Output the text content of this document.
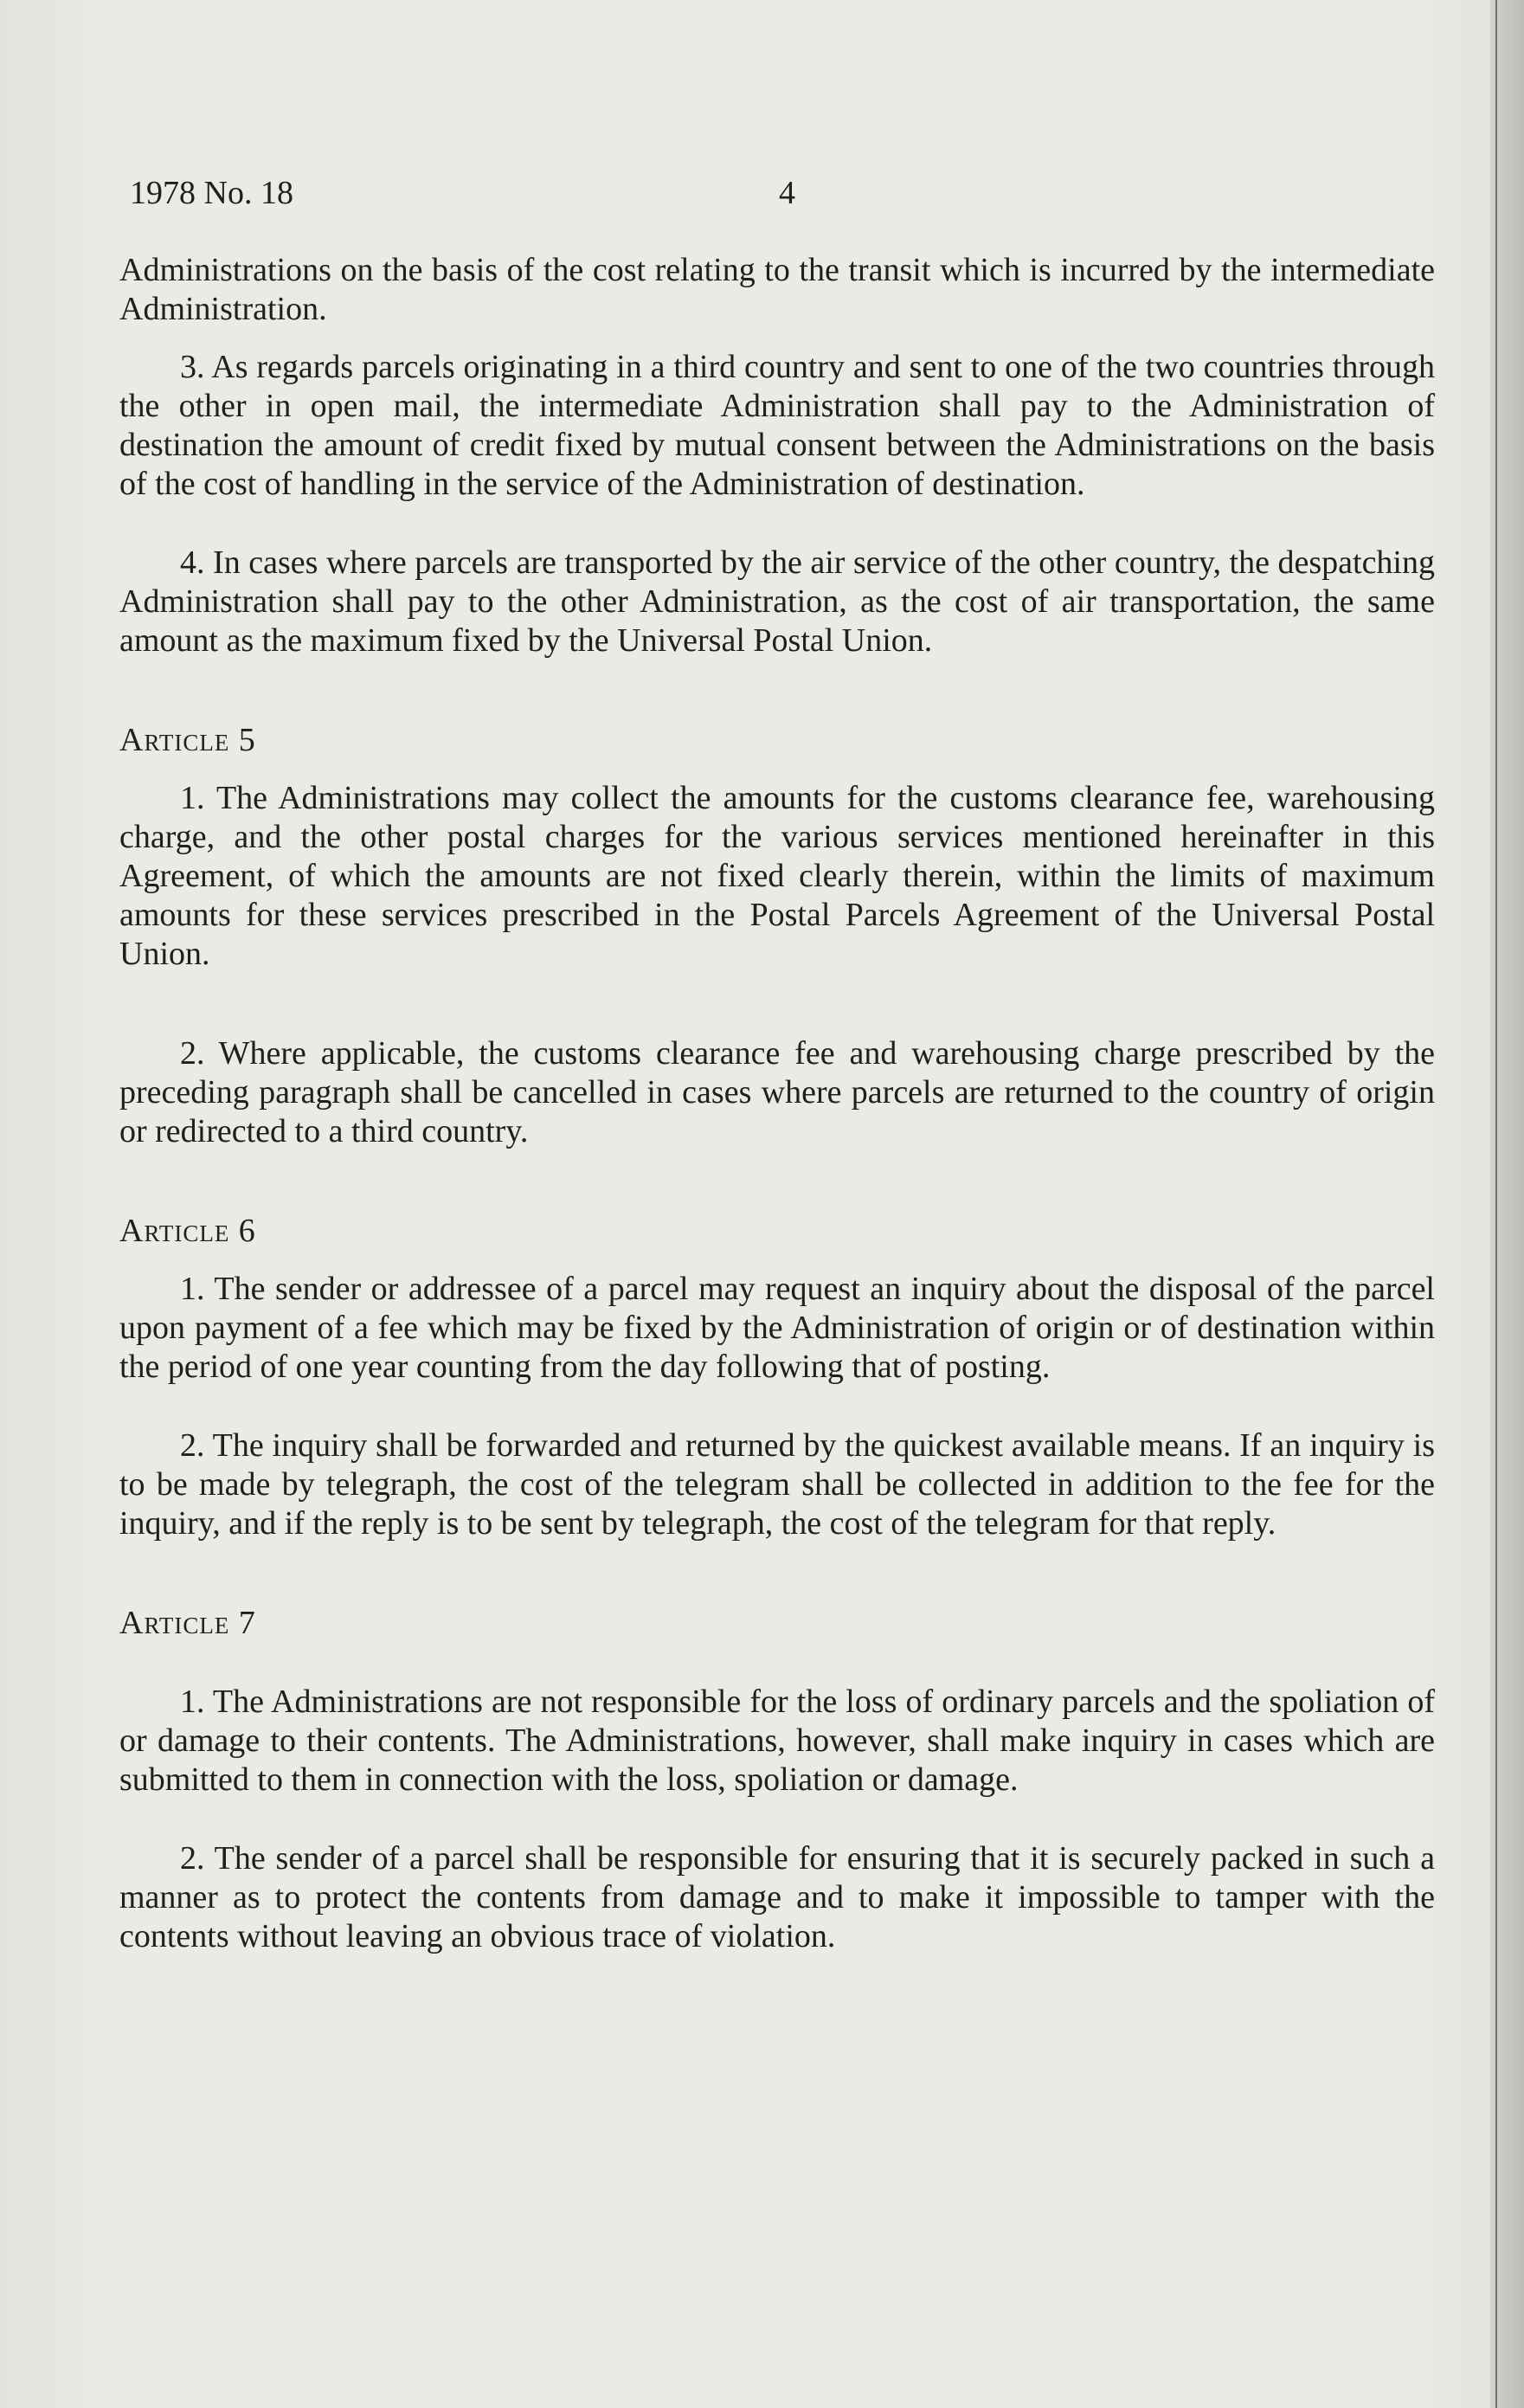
1978 No. 18	4

Administrations on the basis of the cost relating to the transit which is incurred by the intermediate Administration.

3. As regards parcels originating in a third country and sent to one of the two countries through the other in open mail, the intermediate Administration shall pay to the Administration of destination the amount of credit fixed by mutual consent between the Administrations on the basis of the cost of handling in the service of the Administration of destination.

4. In cases where parcels are transported by the air service of the other country, the despatching Administration shall pay to the other Administration, as the cost of air transportation, the same amount as the maximum fixed by the Universal Postal Union.

Article 5

1. The Administrations may collect the amounts for the customs clearance fee, warehousing charge, and the other postal charges for the various services mentioned hereinafter in this Agreement, of which the amounts are not fixed clearly therein, within the limits of maximum amounts for these services prescribed in the Postal Parcels Agreement of the Universal Postal Union.

2. Where applicable, the customs clearance fee and warehousing charge prescribed by the preceding paragraph shall be cancelled in cases where parcels are returned to the country of origin or redirected to a third country.

Article 6

1. The sender or addressee of a parcel may request an inquiry about the disposal of the parcel upon payment of a fee which may be fixed by the Administration of origin or of destination within the period of one year counting from the day following that of posting.

2. The inquiry shall be forwarded and returned by the quickest available means. If an inquiry is to be made by telegraph, the cost of the telegram shall be collected in addition to the fee for the inquiry, and if the reply is to be sent by telegraph, the cost of the telegram for that reply.

Article 7

1. The Administrations are not responsible for the loss of ordinary parcels and the spoliation of or damage to their contents. The Administrations, however, shall make inquiry in cases which are submitted to them in connection with the loss, spoliation or damage.

2. The sender of a parcel shall be responsible for ensuring that it is securely packed in such a manner as to protect the contents from damage and to make it impossible to tamper with the contents without leaving an obvious trace of violation.
